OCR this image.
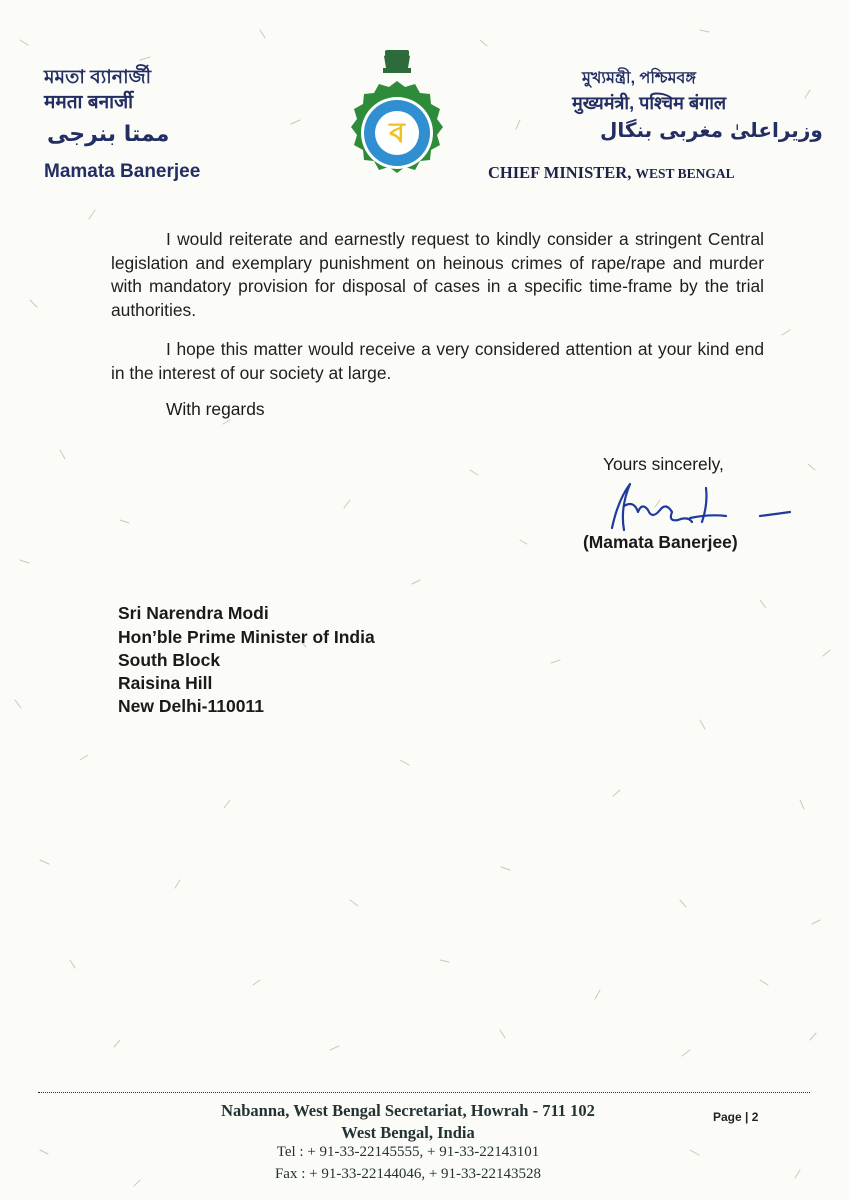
মমতা ব্যানার্জী
ममता बनार्जी
ممتا بنرجی
Mamata Banerjee
ব
মুখ্যমন্ত্রী, পশ্চিমবঙ্গ
मुख्यमंत्री, पश्चिम बंगाल
وزیراعلیٰ مغربی بنگال
CHIEF MINISTER, WEST BENGAL
I would reiterate and earnestly request to kindly consider a stringent Central legislation and exemplary punishment on heinous crimes of rape/rape and murder with mandatory provision for disposal of cases in a specific time-frame by the trial authorities.
I hope this matter would receive a very considered attention at your kind end in the interest of our society at large.
With regards
Yours sincerely,
(Mamata Banerjee)
Sri Narendra Modi
Hon’ble Prime Minister of India
South Block
Raisina Hill
New Delhi-110011
Nabanna, West Bengal Secretariat, Howrah - 711 102
West Bengal, India
Tel : + 91-33-22145555, + 91-33-22143101
Fax : + 91-33-22144046, + 91-33-22143528
Page | 2
